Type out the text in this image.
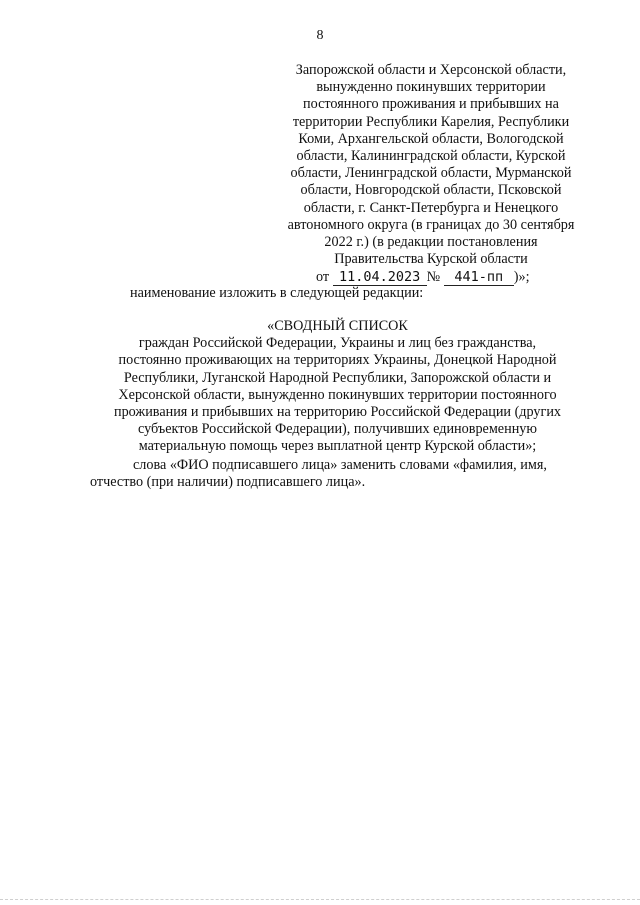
8
Запорожской области и Херсонской области,
вынужденно покинувших территории
постоянного проживания и прибывших на
территории Республики Карелия, Республики
Коми, Архангельской области, Вологодской
области, Калининградской области, Курской
области, Ленинградской области, Мурманской
области, Новгородской области, Псковской
области, г. Санкт-Петербурга и Ненецкого
автономного округа (в границах до 30 сентября
2022 г.) (в редакции постановления
Правительства Курской области
от 11.04.2023 № 441-пп )»;
наименование изложить в следующей редакции:
«СВОДНЫЙ СПИСОК
граждан Российской Федерации, Украины и лиц без гражданства,
постоянно проживающих на территориях Украины, Донецкой Народной
Республики, Луганской Народной Республики, Запорожской области и
Херсонской области, вынужденно покинувших территории постоянного
проживания и прибывших на территорию Российской Федерации (других
субъектов Российской Федерации), получивших единовременную
материальную помощь через выплатной центр Курской области»;
слова «ФИО подписавшего лица» заменить словами «фамилия, имя,
отчество (при наличии) подписавшего лица».
